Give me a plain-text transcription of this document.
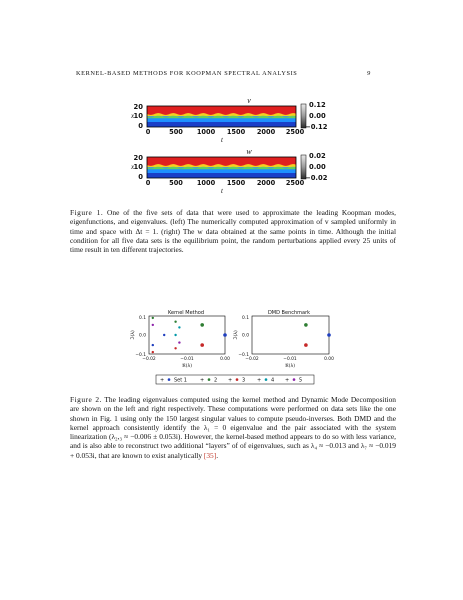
KERNEL-BASED METHODS FOR KOOPMAN SPECTRAL ANALYSIS	9
v
20
10
0
x
0	500 1000 1500 2000 2500
t
0.12
0.00
−0.12
w
20
10
0
x
0	500 1000 1500 2000 2500
t
0.02
0.00
−0.02
Kernel Method
0.1
0.0
−0.1
−0.02	−0.01	0.00
ℜ(λ)
ℑ(λ)
DMD Benchmark
0.1
0.0
−0.1
−0.02	−0.01	0.00
ℜ(λ)
ℑ(λ)
+ Set 1	+ 2 + 3 + 4 + 5
Figure 1. One of the five sets of data that were used to approximate the leading Koopman modes, eigenfunctions, and eigenvalues. (left) The numerically computed approximation of v sampled uniformly in time and space with Δt = 1. (right) The w data obtained at the same points in time. Although the initial condition for all five data sets is the equilibrium point, the random perturbations applied every 25 units of time result in ten different trajectories.
Figure 2. The leading eigenvalues computed using the kernel method and Dynamic Mode Decomposition are shown on the left and right respectively. These computations were performed on data sets like the one shown in Fig. 1 using only the 150 largest singular values to compute pseudo-inverses. Both DMD and the kernel approach consistently identify the λ₁ = 0 eigenvalue and the pair associated with the system linearization (λ₂,₃ ≈ −0.006 ± 0.053i). However, the kernel-based method appears to do so with less variance, and is also able to reconstruct two additional “layers” of of eigenvalues, such as λ₄ ≈ −0.013 and λ₇ ≈ −0.019 + 0.053i, that are known to exist analytically [35].
